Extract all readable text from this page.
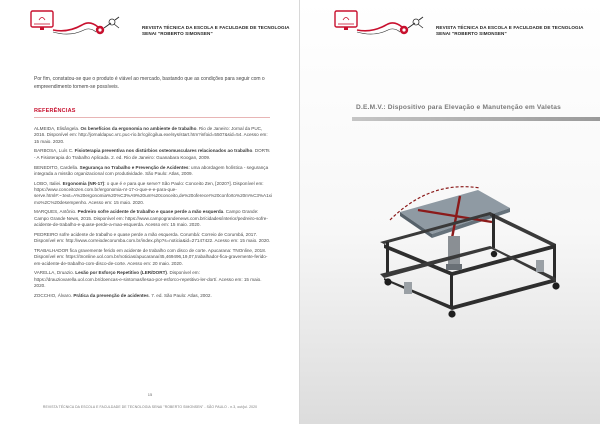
REVISTA TÉCNICA DA ESCOLA E FACULDADE DE TECNOLOGIA
SENAI "ROBERTO SIMONSEN"

Por fim, constatou-se que o produto é viável ao mercado, bastando que as condições para seguir com o empreendimento tornem-se possíveis.

REFERÊNCIAS
ALMEIDA, Elisângela. Os benefícios da ergonomia no ambiente de trabalho. Rio de Janeiro: Jornal da PUC, 2016. Disponível em: http://jornaldapuc.vrc.puc-rio.br/cgi/cgilua.exe/sys/start.htm?infoid=5507&sid=54. Acesso em: 15 maio. 2020.
BARBOSA, Luís C. Fisioterapia preventiva nos distúrbios osteomusculares relacionados ao trabalho. DORTs - A Fisioterapia do Trabalho Aplicada. 2. ed. Rio de Janeiro: Guanabara Koogan, 2009.
BENEDITO, Cardella. Segurança no Trabalho e Prevenção de Acidentes: uma abordagem holística - segurança integrada a missão organizacional com produtividade. São Paulo: Atlas, 2009.
LOBO, Italiei. Ergonomia (NR-17): o que é e para que serve? São Paulo: Conceito Zen, [2020?]. Disponível em: https://www.conceitozen.com.br/ergonomia-nr-17-o-que-e-e-para-que-serve.html#:~:text=A%20ergonomia%20%C3%A9%20um%20conceito,de%20oferecer%20conforto%20m%C3%A1ximo%2C%20desempenho. Acesso em: 15 maio. 2020.
MARQUES, Antônio. Pedreiro sofre acidente de trabalho e quase perde a mão esquerda. Campo Grande: Campo Grande News, 2015. Disponível em: https://www.campograndenews.com.br/cidades/interior/pedreiro-sofre-acidente-de-trabalho-e-quase-perde-a-mao-esquerda. Acesso em: 15 maio. 2020.
PEDREIRO sofre acidente de trabalho e quase perde a mão esquerda. Corumbá: Correio de Corumbá, 2017. Disponível em: http://www.correiodecorumba.com.br/index.php?s=noticia&id=27147422. Acesso em: 15 maio. 2020.
TRABALHADOR fica gravemente ferido em acidente de trabalho com disco de corte. Apucarana: TNOnline, 2018. Disponível em: https://tnonline.uol.com.br/noticias/apucarana/45,469496,19,07,trabalhador-fica-gravemente-ferido-em-acidente-de-trabalho-com-disco-de-corte. Acesso em: 20 maio. 2020.
VARELLA, Druazio. Lesão por Esforço Repetitivo (LER/DORT). Disponível em: https://drauziovarella.uol.com.br/doencas-e-sintomas/lesao-por-esforco-repetitivo-ler-dort/. Acesso em: 15 maio. 2020.
ZOCCHIO, Álvaro. Prática da prevenção de acidentes. 7. ed. São Paulo: Atlas, 2002.
15
REVISTA TÉCNICA DA ESCOLA E FACULDADE DE TECNOLOGIA SENAI "ROBERTO SIMONSEN" - SÃO PAULO - n.3, out/jul. 2020
REVISTA TÉCNICA DA ESCOLA E FACULDADE DE TECNOLOGIA
SENAI "ROBERTO SIMONSEN"
D.E.M.V.: Dispositivo para Elevação e Manutenção em Valetas
